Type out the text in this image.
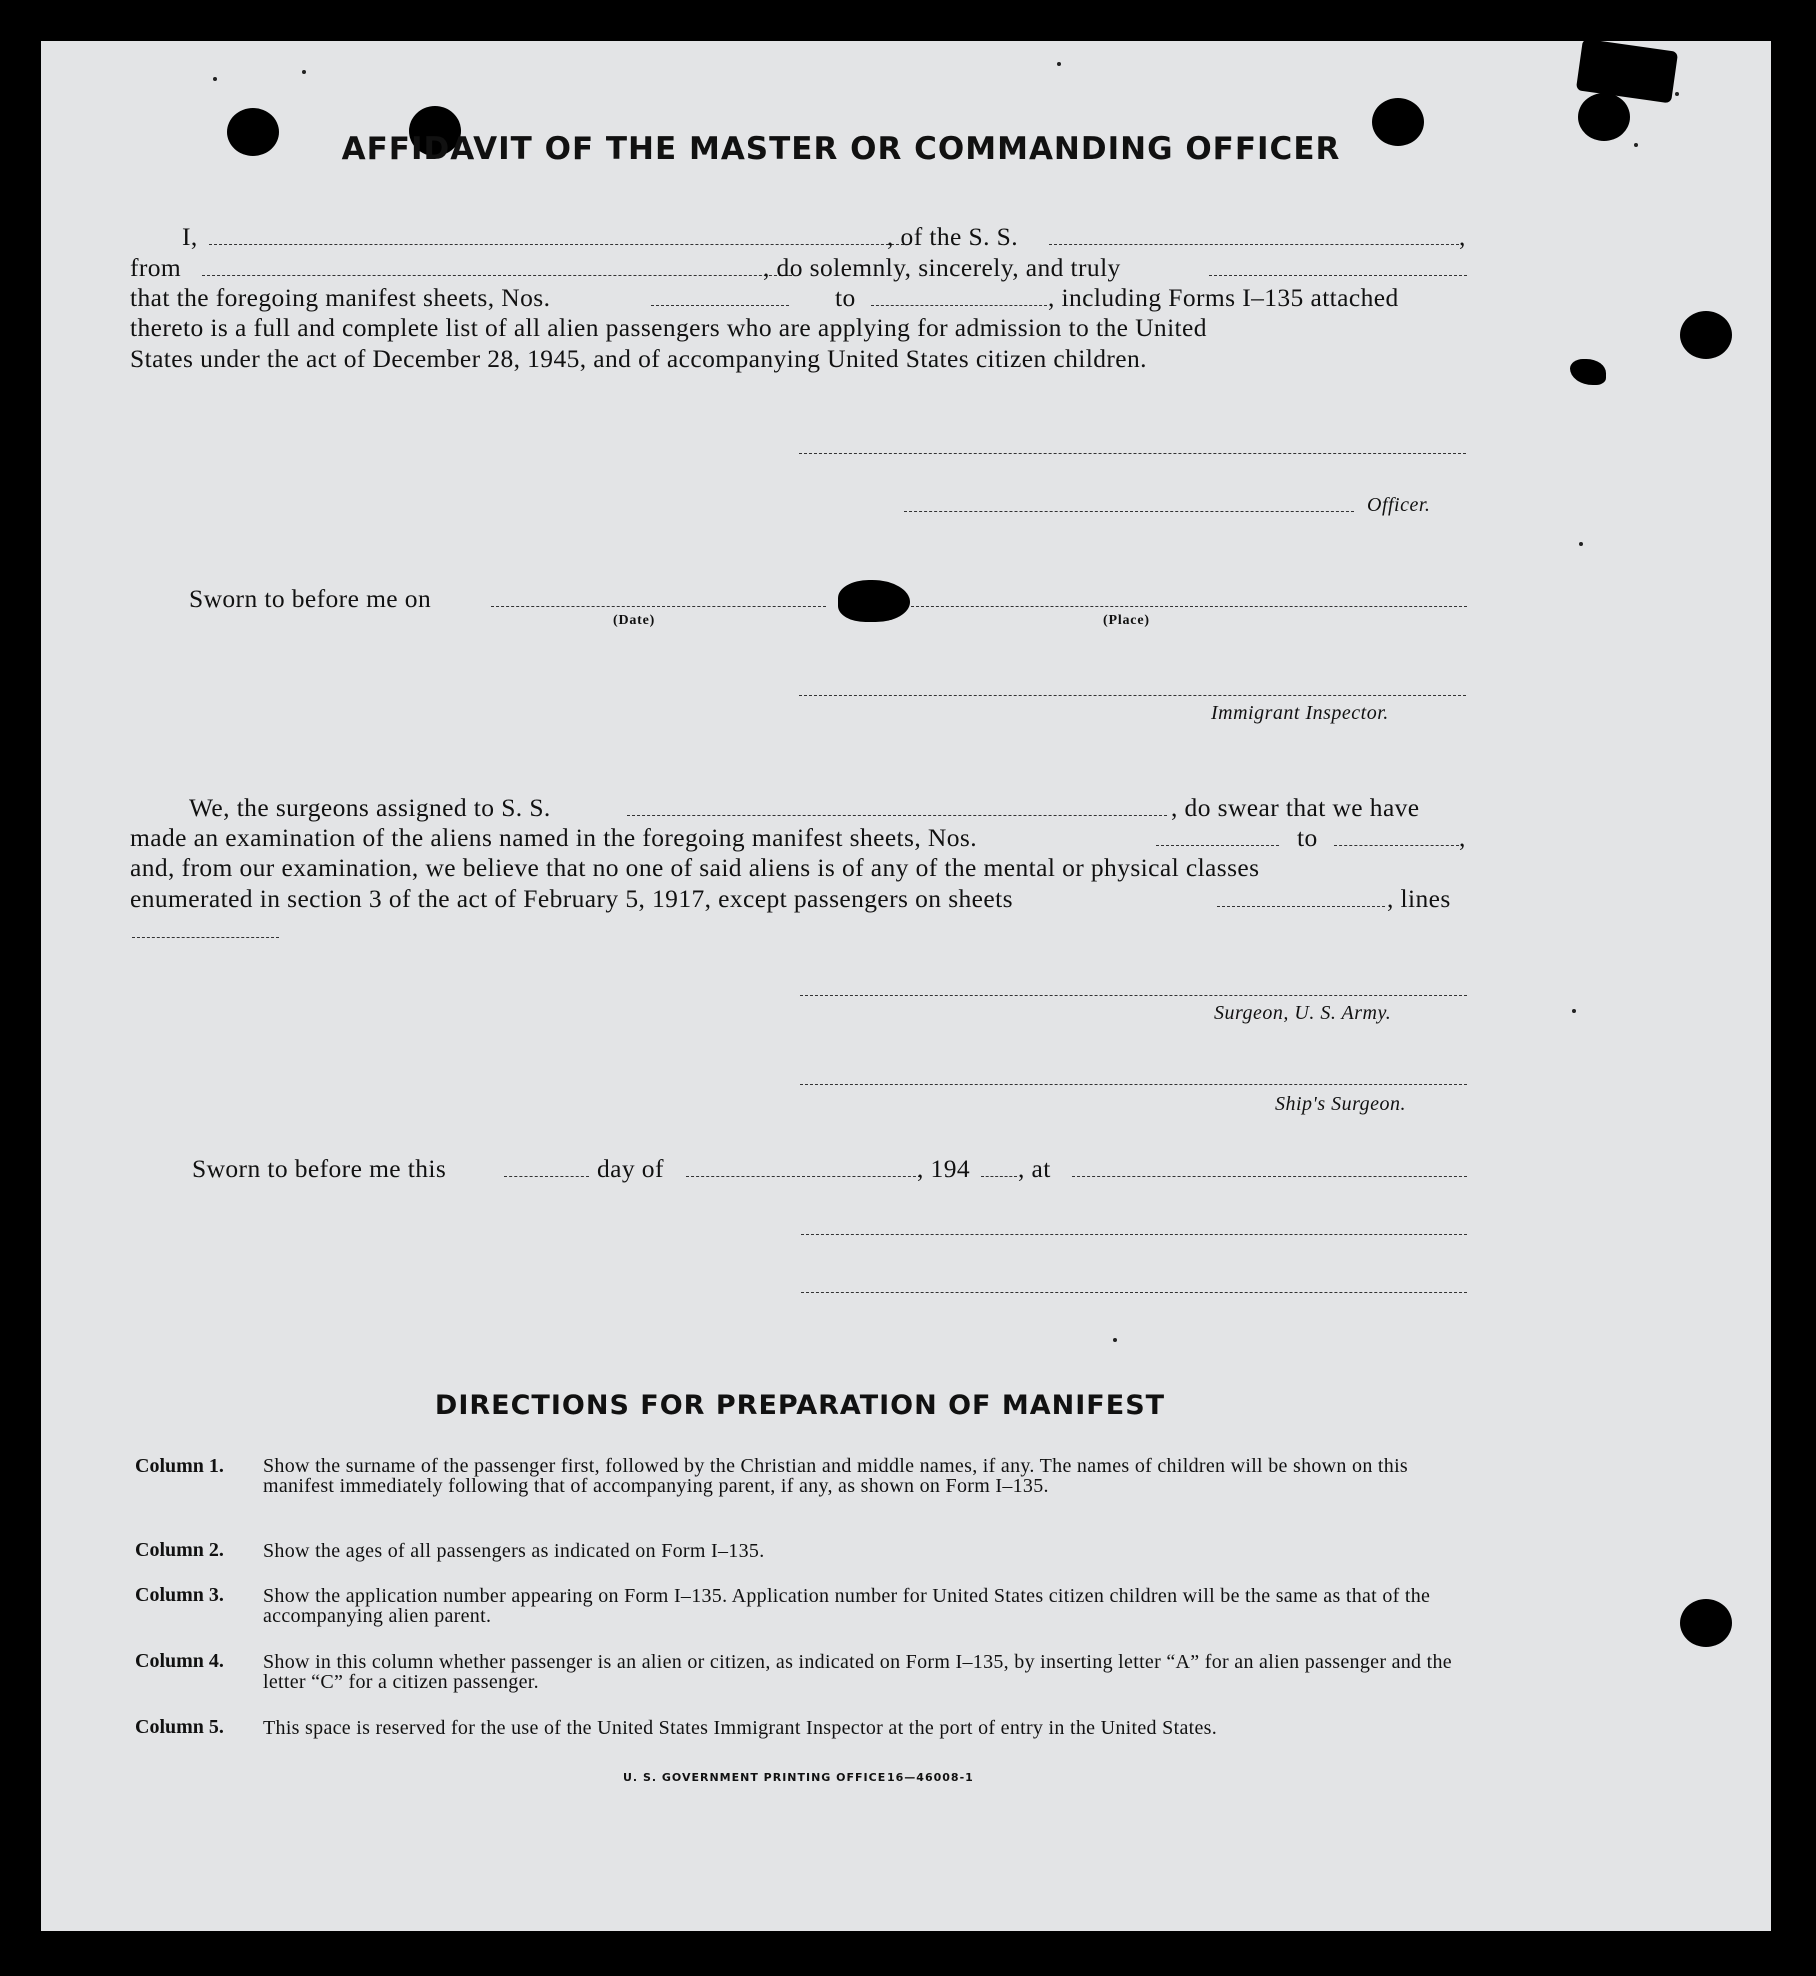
AFFIDAVIT OF THE MASTER OR COMMANDING OFFICER
I,	, of the S. S.	,
from	, do solemnly, sincerely, and truly
that the foregoing manifest sheets, Nos.	to	, including Forms I–135 attached
thereto is a full and complete list of all alien passengers who are applying for admission to the United
States under the act of December 28, 1945, and of accompanying United States citizen children.
Officer.
Sworn to before me on
(Date)	(Place)
Immigrant Inspector.
We, the surgeons assigned to S. S.	, do swear that we have
made an examination of the aliens named in the foregoing manifest sheets, Nos.	to	,
and, from our examination, we believe that no one of said aliens is of any of the mental or physical classes
enumerated in section 3 of the act of February 5, 1917, except passengers on sheets	, lines
Surgeon, U. S. Army.
Ship's Surgeon.
Sworn to before me this	day of	, 194 , at
DIRECTIONS FOR PREPARATION OF MANIFEST
Column 1. Show the surname of the passenger first, followed by the Christian and middle names, if any. The names of children will be shown on this manifest immediately following that of accompanying parent, if any, as shown on Form I–135.
Column 2. Show the ages of all passengers as indicated on Form I–135.
Column 3. Show the application number appearing on Form I–135. Application number for United States citizen children will be the same as that of the accompanying alien parent.
Column 4. Show in this column whether passenger is an alien or citizen, as indicated on Form I–135, by inserting letter “A” for an alien passenger and the letter “C” for a citizen passenger.
Column 5. This space is reserved for the use of the United States Immigrant Inspector at the port of entry in the United States.
U. S. GOVERNMENT PRINTING OFFICE 16—46008-1
